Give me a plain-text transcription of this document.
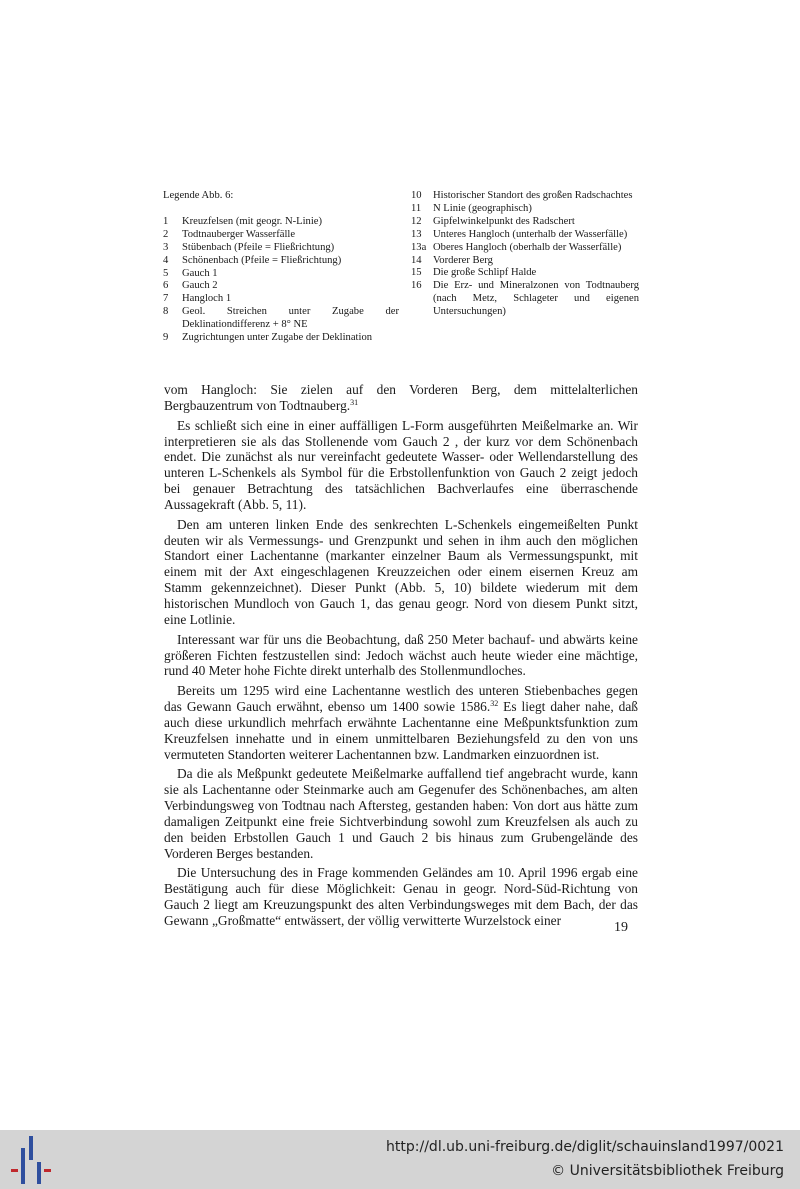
Legende Abb. 6:
1	Kreuzfelsen (mit geogr. N-Linie)
2	Todtnauberger Wasserfälle
3	Stübenbach (Pfeile = Fließrichtung)
4	Schönenbach (Pfeile = Fließrichtung)
5	Gauch 1
6	Gauch 2
7	Hangloch 1
8	Geol. Streichen unter Zugabe der Deklinationdifferenz + 8° NE
9	Zugrichtungen unter Zugabe der Deklination
10	Historischer Standort des großen Radschachtes
11	N Linie (geographisch)
12	Gipfelwinkelpunkt des Radschert
13	Unteres Hangloch (unterhalb der Wasserfälle)
13a Oberes Hangloch (oberhalb der Wasserfälle)
14	Vorderer Berg
15	Die große Schlipf Halde
16	Die Erz- und Mineralzonen von Todtnauberg (nach Metz, Schlageter und eigenen Untersuchungen)

vom Hangloch: Sie zielen auf den Vorderen Berg, dem mittelalterlichen Bergbauzentrum von Todtnauberg.$^{31}$

Es schließt sich eine in einer auffälligen L-Form ausgeführten Meißelmarke an. Wir interpretieren sie als das Stollenende vom Gauch 2 , der kurz vor dem Schönenbach endet. Die zunächst als nur vereinfacht gedeutete Wasser- oder Wellendarstellung des unteren L-Schenkels als Symbol für die Erbstollenfunktion von Gauch 2 zeigt jedoch bei genauer Betrachtung des tatsächlichen Bachverlaufes eine überraschende Aussagekraft (Abb. 5, 11).

Den am unteren linken Ende des senkrechten L-Schenkels eingemeißelten Punkt deuten wir als Vermessungs- und Grenzpunkt und sehen in ihm auch den möglichen Standort einer Lachentanne (markanter einzelner Baum als Vermessungspunkt, mit einem mit der Axt eingeschlagenen Kreuzzeichen oder einem eisernen Kreuz am Stamm gekennzeichnet). Dieser Punkt (Abb. 5, 10) bildete wiederum mit dem historischen Mundloch von Gauch 1, das genau geogr. Nord von diesem Punkt sitzt, eine Lotlinie.

Interessant war für uns die Beobachtung, daß 250 Meter bachauf- und abwärts keine größeren Fichten festzustellen sind: Jedoch wächst auch heute wieder eine mächtige, rund 40 Meter hohe Fichte direkt unterhalb des Stollenmundloches.

Bereits um 1295 wird eine Lachentanne westlich des unteren Stiebenbaches gegen das Gewann Gauch erwähnt, ebenso um 1400 sowie 1586.32 Es liegt daher nahe, daß auch diese urkundlich mehrfach erwähnte Lachentanne eine Meßpunktsfunktion zum Kreuzfelsen innehatte und in einem unmittelbaren Beziehungsfeld zu den von uns vermuteten Standorten weiterer Lachentannen bzw. Landmarken einzuordnen ist.

Da die als Meßpunkt gedeutete Meißelmarke auffallend tief angebracht wurde, kann sie als Lachentanne oder Steinmarke auch am Gegenufer des Schönenbaches, am alten Verbindungsweg von Todtnau nach Aftersteg, gestanden haben: Von dort aus hätte zum damaligen Zeitpunkt eine freie Sichtverbindung sowohl zum Kreuzfelsen als auch zu den beiden Erbstollen Gauch 1 und Gauch 2 bis hinaus zum Grubengelände des Vorderen Berges bestanden.

Die Untersuchung des in Frage kommenden Geländes am 10. April 1996 ergab eine Bestätigung auch für diese Möglichkeit: Genau in geogr. Nord-Süd-Richtung von Gauch 2 liegt am Kreuzungspunkt des alten Verbindungsweges mit dem Bach, der das Gewann „Großmatte“ entwässert, der völlig verwitterte Wurzelstock einer	19
http://dl.ub.uni-freiburg.de/diglit/schauinsland1997/0021
© Universitätsbibliothek Freiburg
